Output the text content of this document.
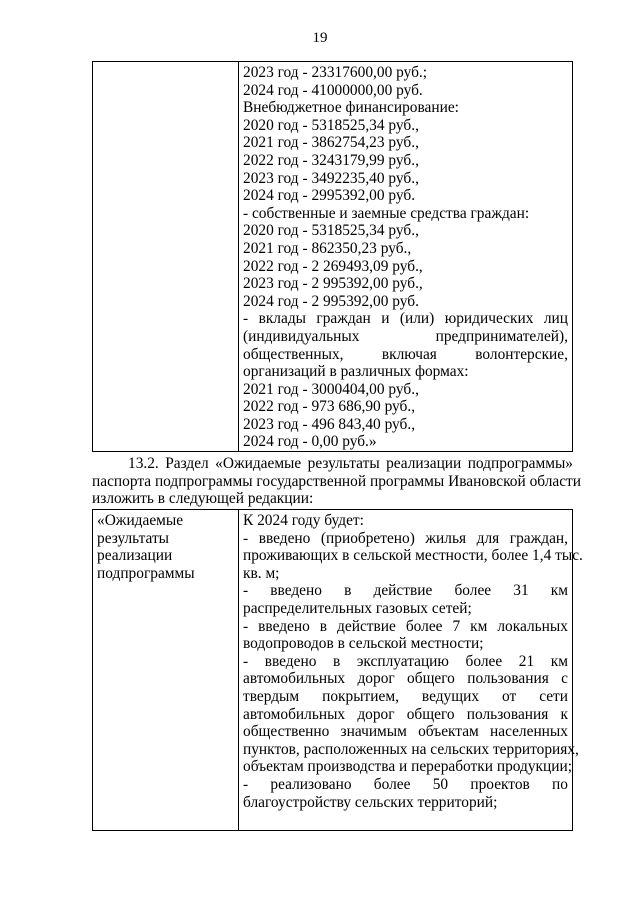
19

2023 год - 23317600,00 руб.;
2024 год - 41000000,00 руб.
Внебюджетное финансирование:
2020 год - 5318525,34 руб.,
2021 год - 3862754,23 руб.,
2022 год - 3243179,99 руб.,
2023 год - 3492235,40 руб.,
2024 год - 2995392,00 руб.
- собственные и заемные средства граждан:
2020 год - 5318525,34 руб.,
2021 год - 862350,23 руб.,
2022 год - 2 269493,09 руб.,
2023 год - 2 995392,00 руб.,
2024 год - 2 995392,00 руб.
- вклады граждан и (или) юридических лиц
(индивидуальных	предпринимателей),
общественных, включая волонтерские,
организаций в различных формах:
2021 год - 3000404,00 руб.,
2022 год - 973 686,90 руб.,
2023 год - 496 843,40 руб.,
2024 год - 0,00 руб.»
13.2. Раздел «Ожидаемые результаты реализации подпрограммы»
паспорта подпрограммы государственной программы Ивановской области
изложить в следующей редакции:
«Ожидаемые
результаты
реализации
подпрограммы

К 2024 году будет:
- введено (приобретено) жилья для граждан,
проживающих в сельской местности, более 1,4 тыс.
кв. м;
- введено в действие более 31 км
распределительных газовых сетей;
- введено в действие более 7 км локальных
водопроводов в сельской местности;
- введено в эксплуатацию более 21 км
автомобильных дорог общего пользования с
твердым покрытием, ведущих от сети
автомобильных дорог общего пользования к
общественно значимым объектам населенных
пунктов, расположенных на сельских территориях,
объектам производства и переработки продукции;
- реализовано более 50 проектов по
благоустройству сельских территорий;
